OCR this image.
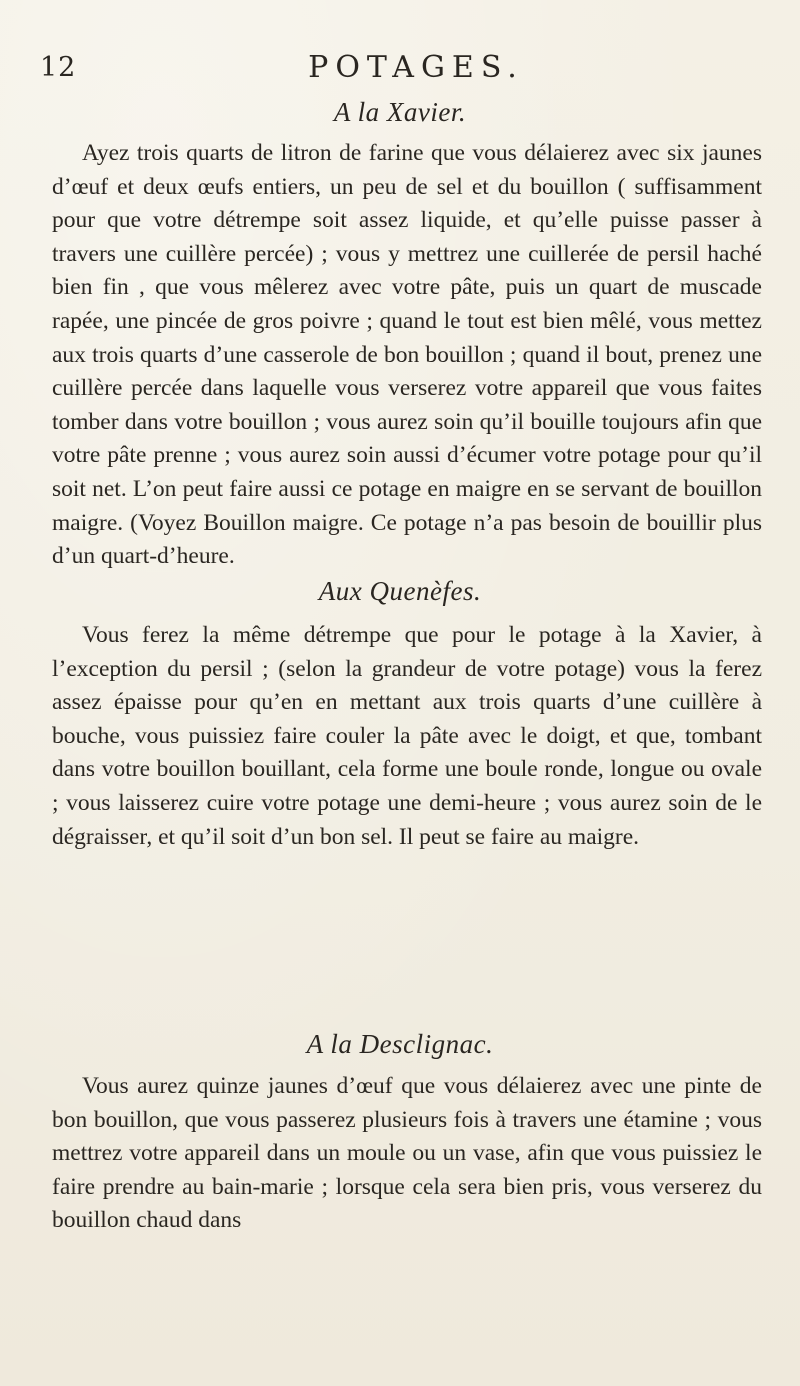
12	POTAGES.
A la Xavier.

Ayez trois quarts de litron de farine que vous délaierez avec six jaunes d’œuf et deux œufs entiers, un peu de sel et du bouillon ( suffisamment pour que votre détrempe soit assez liquide, et qu’elle puisse passer à travers une cuillère percée) ; vous y mettrez une cuillerée de persil haché bien fin , que vous mêlerez avec votre pâte, puis un quart de muscade rapée, une pincée de gros poivre ; quand le tout est bien mêlé, vous mettez aux trois quarts d’une casserole de bon bouillon ; quand il bout, prenez une cuillère percée dans laquelle vous verserez votre appareil que vous faites tomber dans votre bouillon ; vous aurez soin qu’il bouille toujours afin que votre pâte prenne ; vous aurez soin aussi d’écumer votre potage pour qu’il soit net. L’on peut faire aussi ce potage en maigre en se servant de bouillon maigre. (Voyez Bouillon maigre. Ce potage n’a pas besoin de bouillir plus d’un quart-d’heure.

Aux Quenèfes.

Vous ferez la même détrempe que pour le potage à la Xavier, à l’exception du persil ; (selon la grandeur de votre potage) vous la ferez assez épaisse pour qu’en en mettant aux trois quarts d’une cuillère à bouche, vous puissiez faire couler la pâte avec le doigt, et que, tombant dans votre bouillon bouillant, cela forme une boule ronde, longue ou ovale ; vous laisserez cuire votre potage une demi-heure ; vous aurez soin de le dégraisser, et qu’il soit d’un bon sel. Il peut se faire au maigre.

A la Desclignac.

Vous aurez quinze jaunes d’œuf que vous délaierez avec une pinte de bon bouillon, que vous passerez plusieurs fois à travers une étamine ; vous mettrez votre appareil dans un moule ou un vase, afin que vous puissiez le faire prendre au bain-marie ; lorsque cela sera bien pris, vous verserez du bouillon chaud dans
